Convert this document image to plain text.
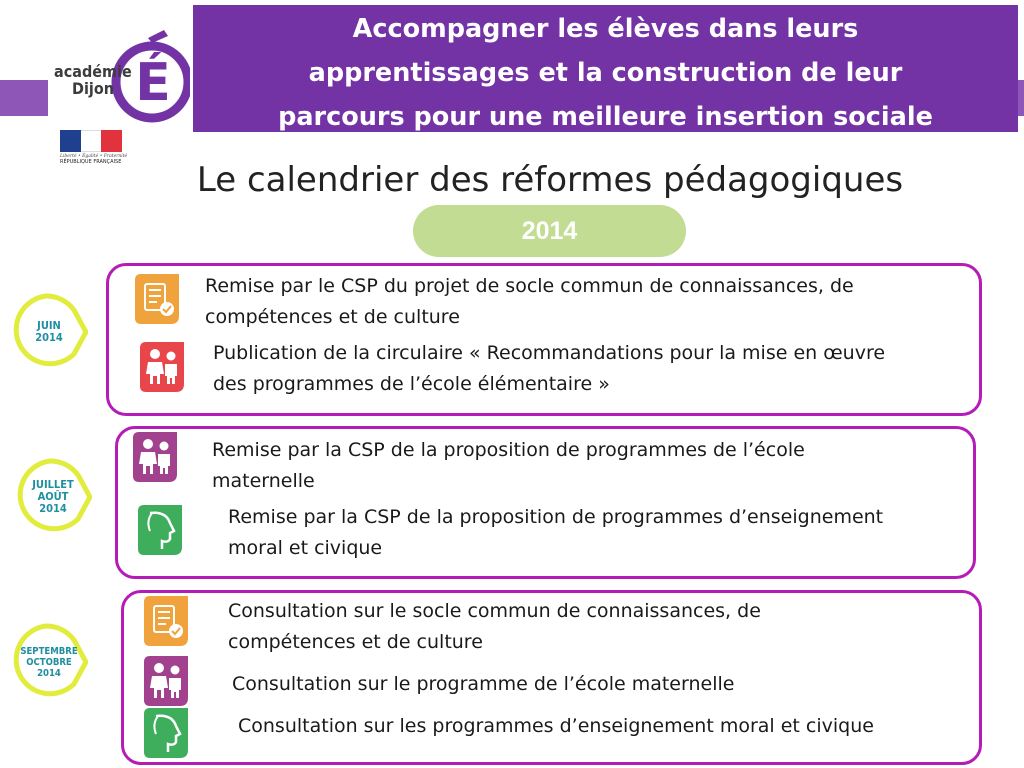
Accompagner les élèves dans leurs
apprentissages et la construction de leur
parcours pour une meilleure insertion sociale
académie
Dijon É
Liberté • Égalité • Fraternité
RÉPUBLIQUE FRANÇAISE	Le calendrier des réformes pédagogiques
2014
JUIN
2014
Remise par le CSP du projet de socle commun de connaissances, de
compétences et de culture
Publication de la circulaire « Recommandations pour la mise en œuvre
des programmes de l’école élémentaire »
JUILLET
AOÛT
2014
Remise par la CSP de la proposition de programmes de l’école
maternelle
Remise par la CSP de la proposition de programmes d’enseignement
moral et civique
SEPTEMBRE
OCTOBRE
2014
Consultation sur le socle commun de connaissances, de
compétences et de culture
Consultation sur le programme de l’école maternelle
Consultation sur les programmes d’enseignement moral et civique
